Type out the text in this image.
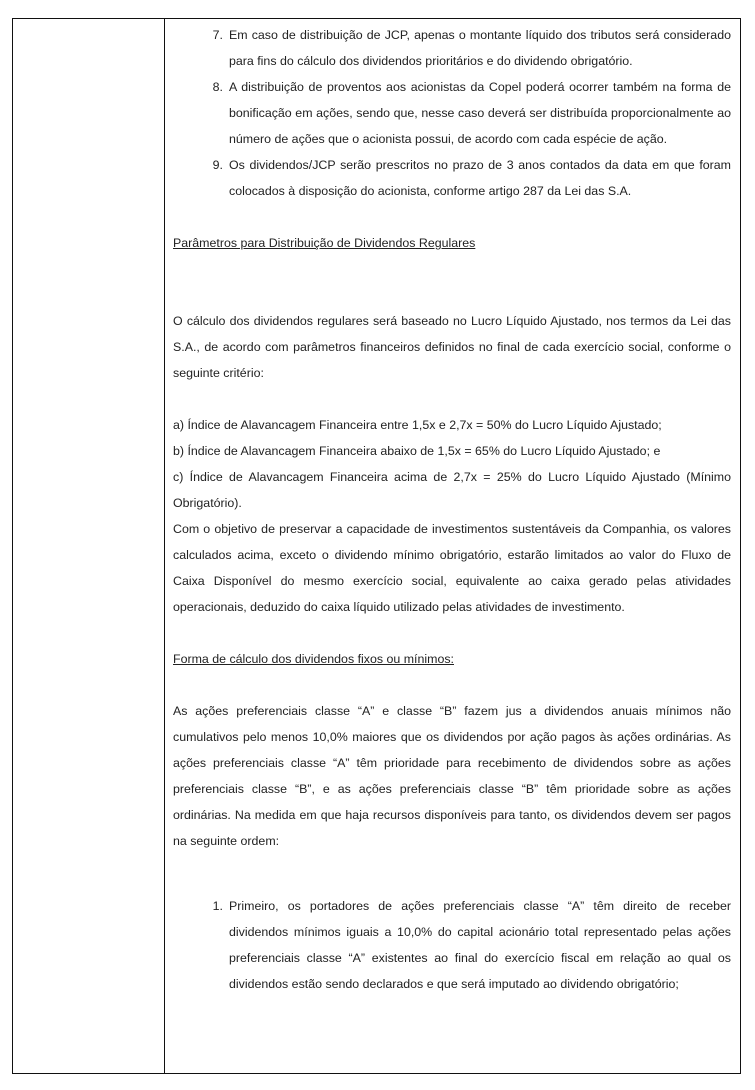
7. Em caso de distribuição de JCP, apenas o montante líquido dos tributos será considerado para fins do cálculo dos dividendos prioritários e do dividendo obrigatório.
8. A distribuição de proventos aos acionistas da Copel poderá ocorrer também na forma de bonificação em ações, sendo que, nesse caso deverá ser distribuída proporcionalmente ao número de ações que o acionista possui, de acordo com cada espécie de ação.
9. Os dividendos/JCP serão prescritos no prazo de 3 anos contados da data em que foram colocados à disposição do acionista, conforme artigo 287 da Lei das S.A.

Parâmetros para Distribuição de Dividendos Regulares

O cálculo dos dividendos regulares será baseado no Lucro Líquido Ajustado, nos termos da Lei das S.A., de acordo com parâmetros financeiros definidos no final de cada exercício social, conforme o seguinte critério:

a) Índice de Alavancagem Financeira entre 1,5x e 2,7x = 50% do Lucro Líquido Ajustado;

b) Índice de Alavancagem Financeira abaixo de 1,5x = 65% do Lucro Líquido Ajustado; e

c) Índice de Alavancagem Financeira acima de 2,7x = 25% do Lucro Líquido Ajustado (Mínimo Obrigatório).

Com o objetivo de preservar a capacidade de investimentos sustentáveis da Companhia, os valores calculados acima, exceto o dividendo mínimo obrigatório, estarão limitados ao valor do Fluxo de Caixa Disponível do mesmo exercício social, equivalente ao caixa gerado pelas atividades operacionais, deduzido do caixa líquido utilizado pelas atividades de investimento.

Forma de cálculo dos dividendos fixos ou mínimos:

As ações preferenciais classe “A” e classe “B” fazem jus a dividendos anuais mínimos não cumulativos pelo menos 10,0% maiores que os dividendos por ação pagos às ações ordinárias. As ações preferenciais classe “A” têm prioridade para recebimento de dividendos sobre as ações preferenciais classe “B”, e as ações preferenciais classe “B” têm prioridade sobre as ações ordinárias. Na medida em que haja recursos disponíveis para tanto, os dividendos devem ser pagos na seguinte ordem:

1. Primeiro, os portadores de ações preferenciais classe “A” têm direito de receber dividendos mínimos iguais a 10,0% do capital acionário total representado pelas ações preferenciais classe “A” existentes ao final do exercício fiscal em relação ao qual os dividendos estão sendo declarados e que será imputado ao dividendo obrigatório;
